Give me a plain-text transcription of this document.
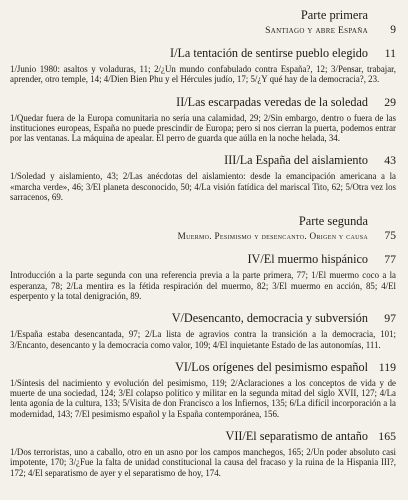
Parte primera
Santiago y abre España	9
I/La tentación de sentirse pueblo elegido	11
1/Junio 1980: asaltos y voladuras, 11; 2/¿Un mundo confabulado contra España?, 12; 3/Pensar, trabajar, aprender, otro temple, 14; 4/Dien Bien Phu y el Hércules judío, 17; 5/¿Y qué hay de la democracia?, 23.
II/Las escarpadas veredas de la soledad	29
1/Quedar fuera de la Europa comunitaria no sería una calamidad, 29; 2/Sin embargo, dentro o fuera de las instituciones europeas, España no puede prescindir de Europa; pero si nos cierran la puerta, podemos entrar por las ventanas. La máquina de apealar. El perro de guarda que aúlla en la noche helada, 34.
III/La España del aislamiento	43
1/Soledad y aislamiento, 43; 2/Las anécdotas del aislamiento: desde la emancipación americana a la «marcha verde», 46; 3/El planeta desconocido, 50; 4/La visión fatídica del mariscal Tito, 62; 5/Otra vez los sarracenos, 69.
Parte segunda
Muermo. Pesimismo y desencanto. Origen y causa	75
IV/El muermo hispánico	77
Introducción a la parte segunda con una referencia previa a la parte primera, 77; 1/El muermo coco a la esperanza, 78; 2/La mentira es la fétida respiración del muermo, 82; 3/El muermo en acción, 85; 4/El esperpento y la total denigración, 89.
V/Desencanto, democracia y subversión	97
1/España estaba desencantada, 97; 2/La lista de agravios contra la transición a la democracia, 101; 3/Encanto, desencanto y la democracia como valor, 109; 4/El inquietante Estado de las autonomías, 111.
VI/Los orígenes del pesimismo español 119
1/Síntesis del nacimiento y evolución del pesimismo, 119; 2/Aclaraciones a los conceptos de vida y de muerte de una sociedad, 124; 3/El colapso político y militar en la segunda mitad del siglo XVII, 127; 4/La lenta agonía de la cultura, 133; 5/Visita de don Francisco a los Infiernos, 135; 6/La difícil incorporación a la modernidad, 143; 7/El pesimismo español y la España contemporánea, 156.
VII/El separatismo de antaño 165
1/Dos terroristas, uno a caballo, otro en un asno por los campos manchegos, 165; 2/Un poder absoluto casi impotente, 170; 3/¿Fue la falta de unidad constitucional la causa del fracaso y la ruina de la Hispania III?, 172; 4/El separatismo de ayer y el separatismo de hoy, 174.
